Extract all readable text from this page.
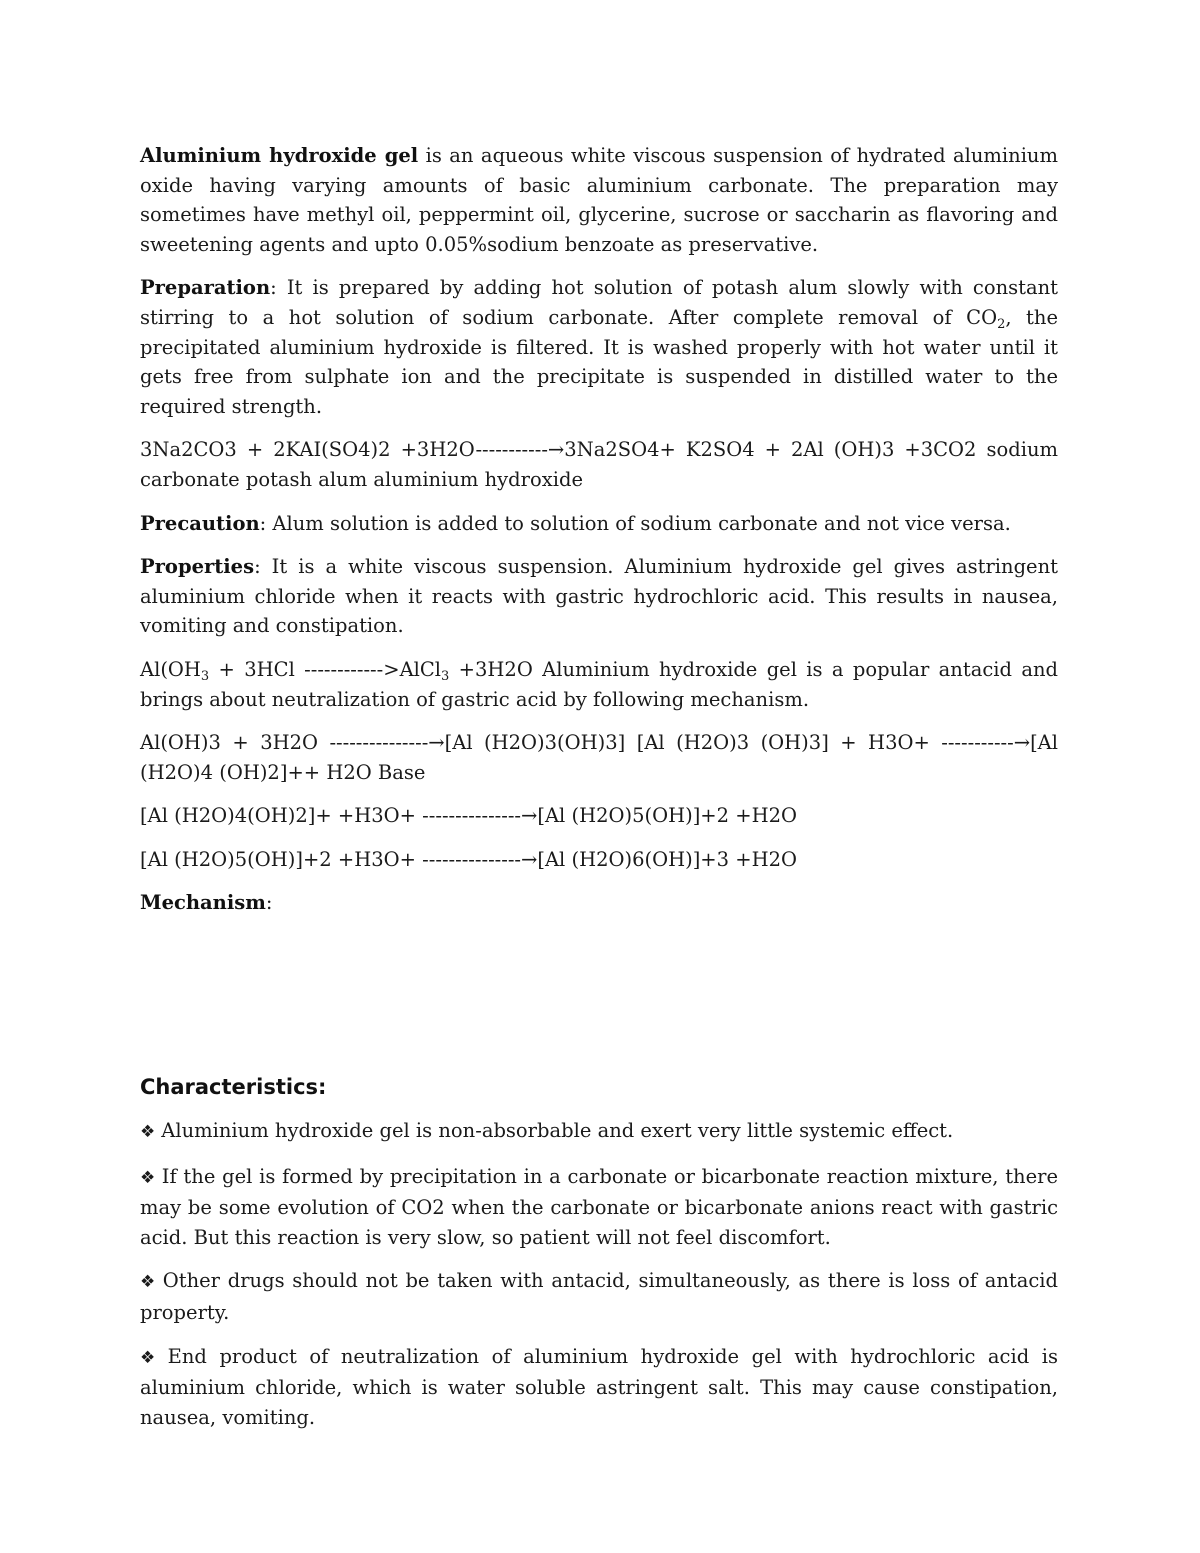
Aluminium hydroxide gel is an aqueous white viscous suspension of hydrated aluminium oxide having varying amounts of basic aluminium carbonate. The preparation may sometimes have methyl oil, peppermint oil, glycerine, sucrose or saccharin as flavoring and sweetening agents and upto 0.05%sodium benzoate as preservative.

Preparation: It is prepared by adding hot solution of potash alum slowly with constant stirring to a hot solution of sodium carbonate. After complete removal of $CO_2$, the precipitated aluminium hydroxide is filtered. It is washed properly with hot water until it gets free from sulphate ion and the precipitate is suspended in distilled water to the required strength.

3Na2CO3 + 2KAI(SO4)2 +3H2O-----------→3Na2SO4+ K2SO4 + 2Al (OH)3 +3CO2 sodium carbonate potash alum aluminium hydroxide

Precaution: Alum solution is added to solution of sodium carbonate and not vice versa.

Properties: It is a white viscous suspension. Aluminium hydroxide gel gives astringent aluminium chloride when it reacts with gastric hydrochloric acid. This results in nausea, vomiting and constipation.

$Al(OH_3 + 3HCl$ ------------>AlCl$_3$ +3H2O Aluminium hydroxide gel is a popular antacid and brings about neutralization of gastric acid by following mechanism.

Al(OH)3 + 3H2O ---------------→[Al (H2O)3(OH)3] [Al (H2O)3 (OH)3] + H3O+ -----------→[Al (H2O)4 (OH)2]++ H2O Base

[Al (H2O)4(OH)2]+ +H3O+ ---------------→[Al (H2O)5(OH)]+2 +H2O

[Al (H2O)5(OH)]+2 +H3O+ ---------------→[Al (H2O)6(OH)]+3 +H2O

Mechanism:

Characteristics:

❖ Aluminium hydroxide gel is non-absorbable and exert very little systemic effect.

❖ If the gel is formed by precipitation in a carbonate or bicarbonate reaction mixture, there may be some evolution of CO2 when the carbonate or bicarbonate anions react with gastric acid. But this reaction is very slow, so patient will not feel discomfort.

❖ Other drugs should not be taken with antacid, simultaneously, as there is loss of antacid property.

❖ End product of neutralization of aluminium hydroxide gel with hydrochloric acid is aluminium chloride, which is water soluble astringent salt. This may cause constipation, nausea, vomiting.
